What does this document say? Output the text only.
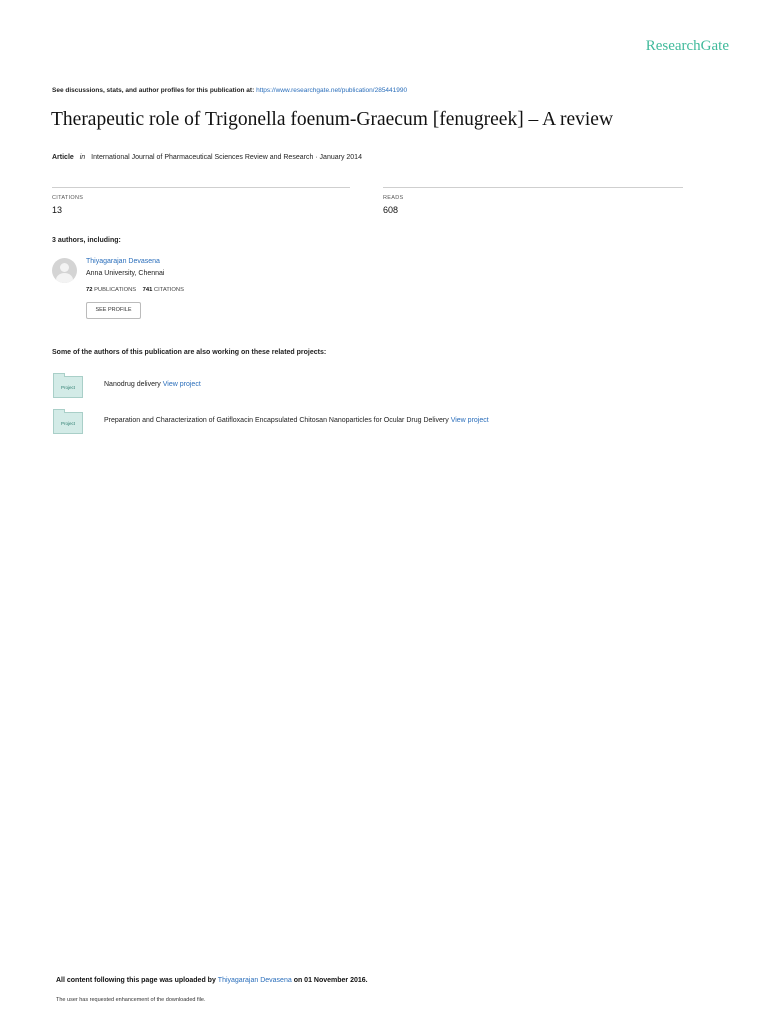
ResearchGate
See discussions, stats, and author profiles for this publication at: https://www.researchgate.net/publication/285441990
Therapeutic role of Trigonella foenum-Graecum [fenugreek] – A review
Article in International Journal of Pharmaceutical Sciences Review and Research · January 2014
CITATIONS
13
READS
608
3 authors, including:
Thiyagarajan Devasena
Anna University, Chennai
72 PUBLICATIONS 741 CITATIONS
SEE PROFILE
Some of the authors of this publication are also working on these related projects:
Project	Nanodrug delivery View project
Project	Preparation and Characterization of Gatifloxacin Encapsulated Chitosan Nanoparticles for Ocular Drug Delivery View project
All content following this page was uploaded by Thiyagarajan Devasena on 01 November 2016.
The user has requested enhancement of the downloaded file.
